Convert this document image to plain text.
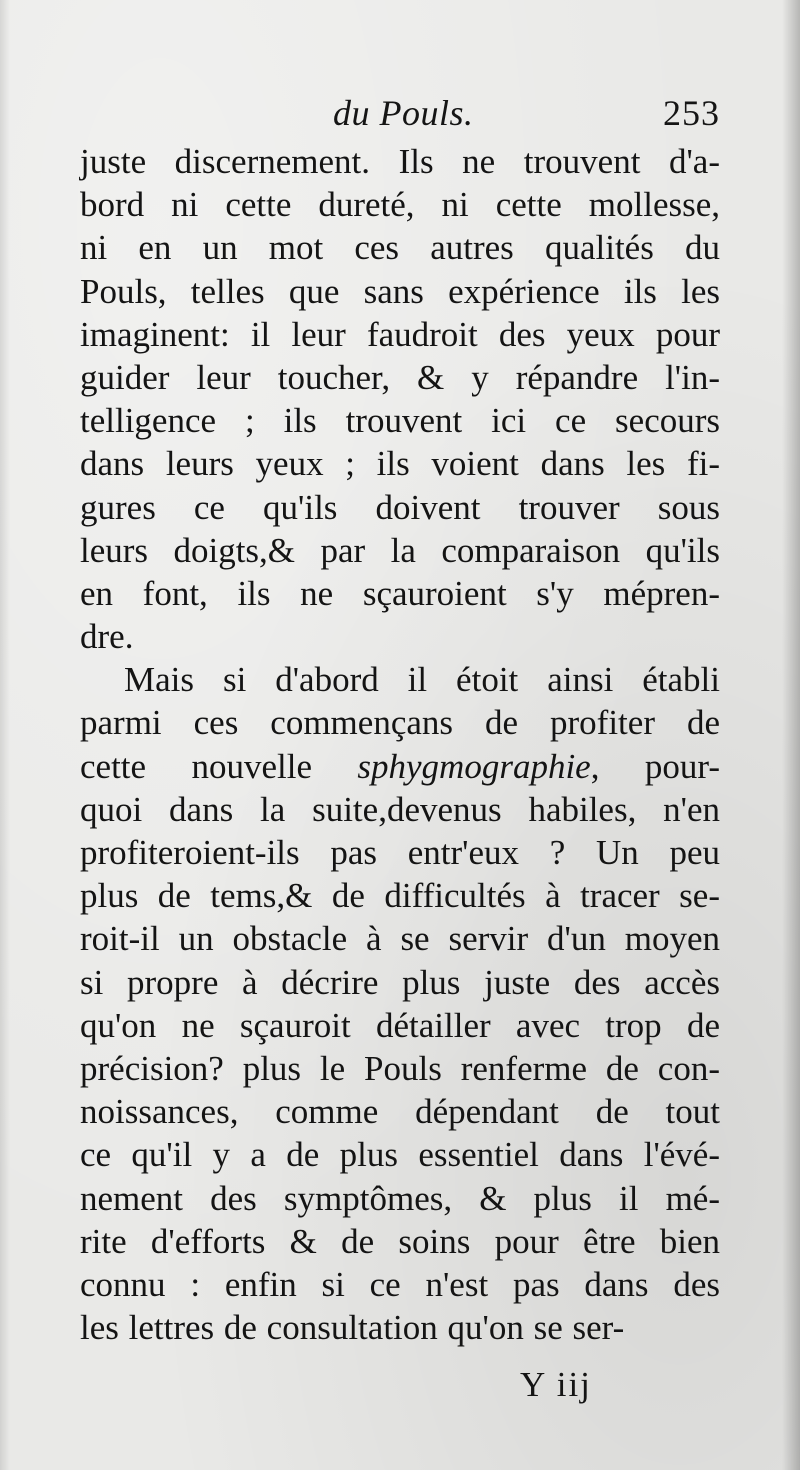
du Pouls.	253
juste discernement. Ils ne trouvent d'a-
bord ni cette dureté, ni cette mollesse,
ni en un mot ces autres qualités du
Pouls, telles que sans expérience ils les
imaginent: il leur faudroit des yeux pour
guider leur toucher, & y répandre l'in-
telligence ; ils trouvent ici ce secours
dans leurs yeux ; ils voient dans les fi-
gures ce qu'ils doivent trouver sous
leurs doigts,& par la comparaison qu'ils
en font, ils ne sçauroient s'y mépren-
dre.
Mais si d'abord il étoit ainsi établi
parmi ces commençans de profiter de
cette nouvelle sphygmographie, pour-
quoi dans la suite,devenus habiles, n'en
profiteroient-ils pas entr'eux ? Un peu
plus de tems,& de difficultés à tracer se-
roit-il un obstacle à se servir d'un moyen
si propre à décrire plus juste des accès
qu'on ne sçauroit détailler avec trop de
précision? plus le Pouls renferme de con-
noissances, comme dépendant de tout
ce qu'il y a de plus essentiel dans l'évé-
nement des symptômes, & plus il mé-
rite d'efforts & de soins pour être bien
connu : enfin si ce n'est pas dans des
les lettres de consultation qu'on se ser-
Y iij
